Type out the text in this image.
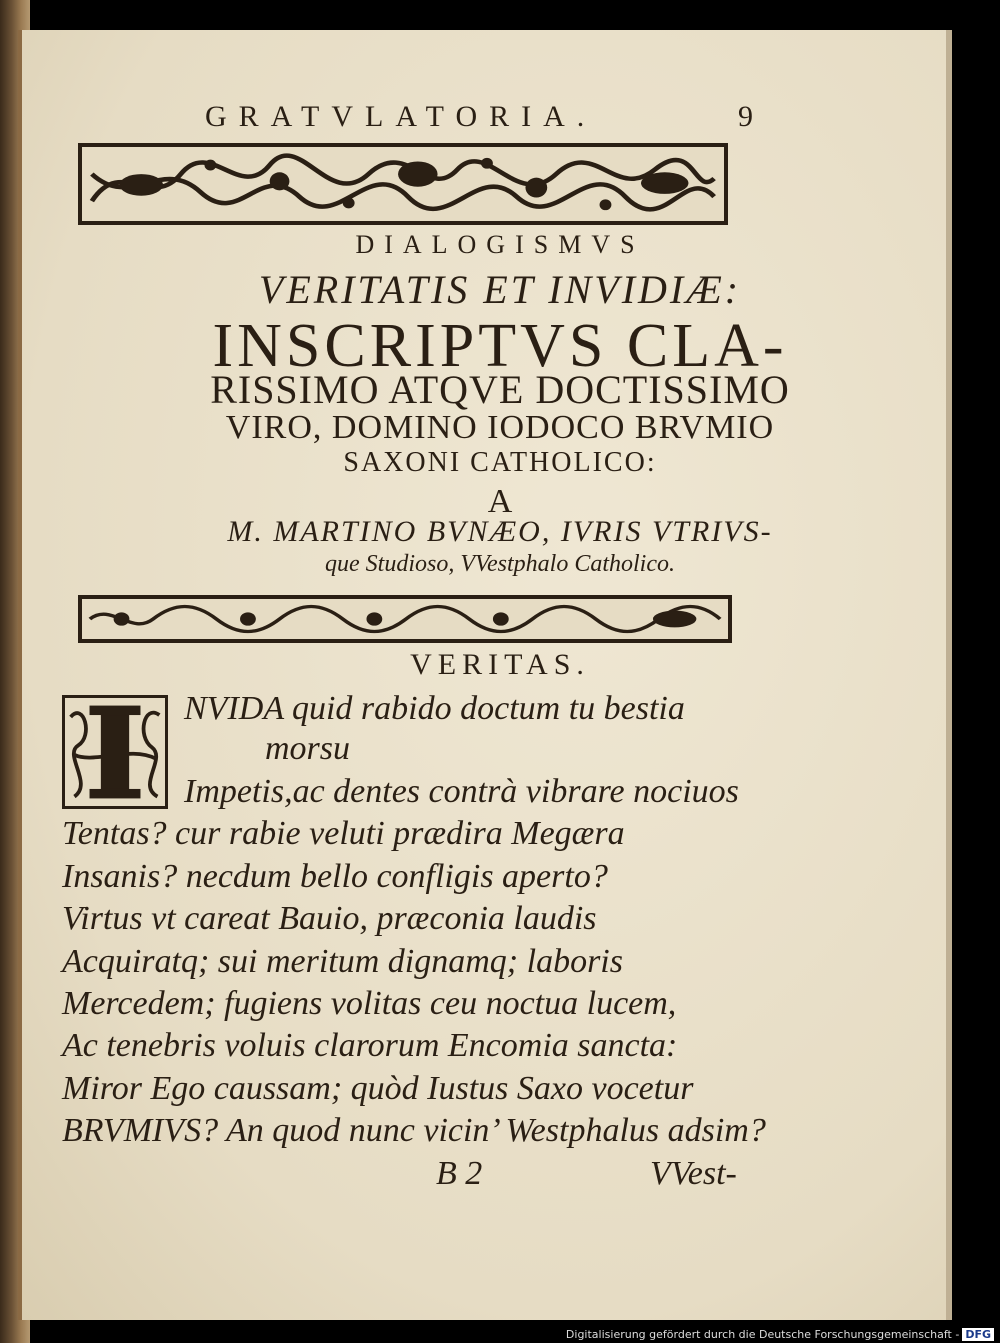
GRATVLATORIA.	9
DIALOGISMVS
VERITATIS ET INVIDIÆ:
INSCRIPTVS CLA-
RISSIMO ATQVE DOCTISSIMO
VIRO, DOMINO IODOCO BRVMIO
SAXONI CATHOLICO:
A
M. MARTINO BVNÆO, IVRIS VTRIVS-
que Studioso, VVestphalo Catholico.
VERITAS.
NVIDA quid rabido doctum tu bestia
morsu
Impetis,ac dentes contrà vibrare nociuos
Tentas? cur rabie veluti prædira Megæra
Insanis? necdum bello confligis aperto?
Virtus vt careat Bauio, præconia laudis
Acquiratq; sui meritum dignamq; laboris
Mercedem; fugiens volitas ceu noctua lucem,
Ac tenebris voluis clarorum Encomia sancta:
Miror Ego caussam; quòd Iustus Saxo vocetur
BRVMIVS? An quod nunc vicin’ Westphalus adsim?
B 2	VVest-
Digitalisierung gefördert durch die Deutsche Forschungsgemeinschaft - DFG
